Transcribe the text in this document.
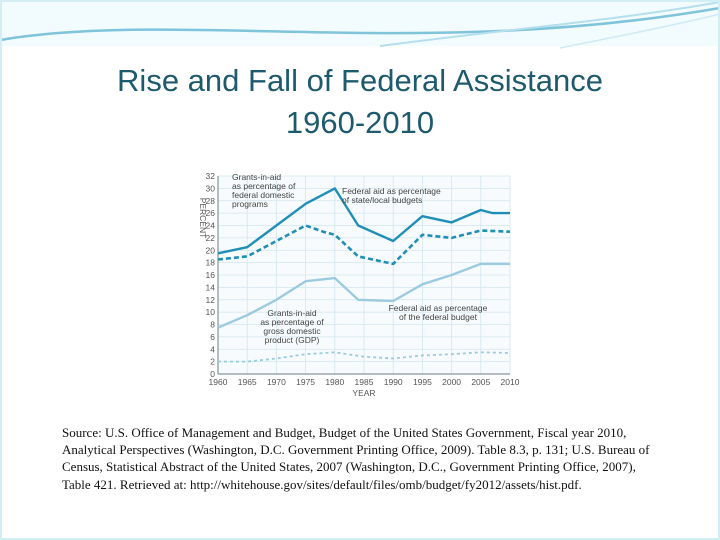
Rise and Fall of Federal Assistance
1960-2010
0
2
4
6
8
10
12
14
16
18
20
22
24
26
28
30
32
1960 1965 1970 1975 1980 1985 1990 1995 2000 2005 2010
YEAR
PERCENT
Grants-in-aid as percentage of federal domestic programs
Federal aid as percentage of state/local budgets
Grants-in-aid as percentage of gross domestic product (GDP)
Federal aid as percentage of the federal budget
Source: U.S. Office of Management and Budget, Budget of the United States Government, Fiscal year 2010, Analytical Perspectives (Washington, D.C. Government Printing Office, 2009). Table 8.3, p. 131; U.S. Bureau of Census, Statistical Abstract of the United States, 2007 (Washington, D.C., Government Printing Office, 2007), Table 421. Retrieved at: http://whitehouse.gov/sites/default/files/omb/budget/fy2012/assets/hist.pdf.
